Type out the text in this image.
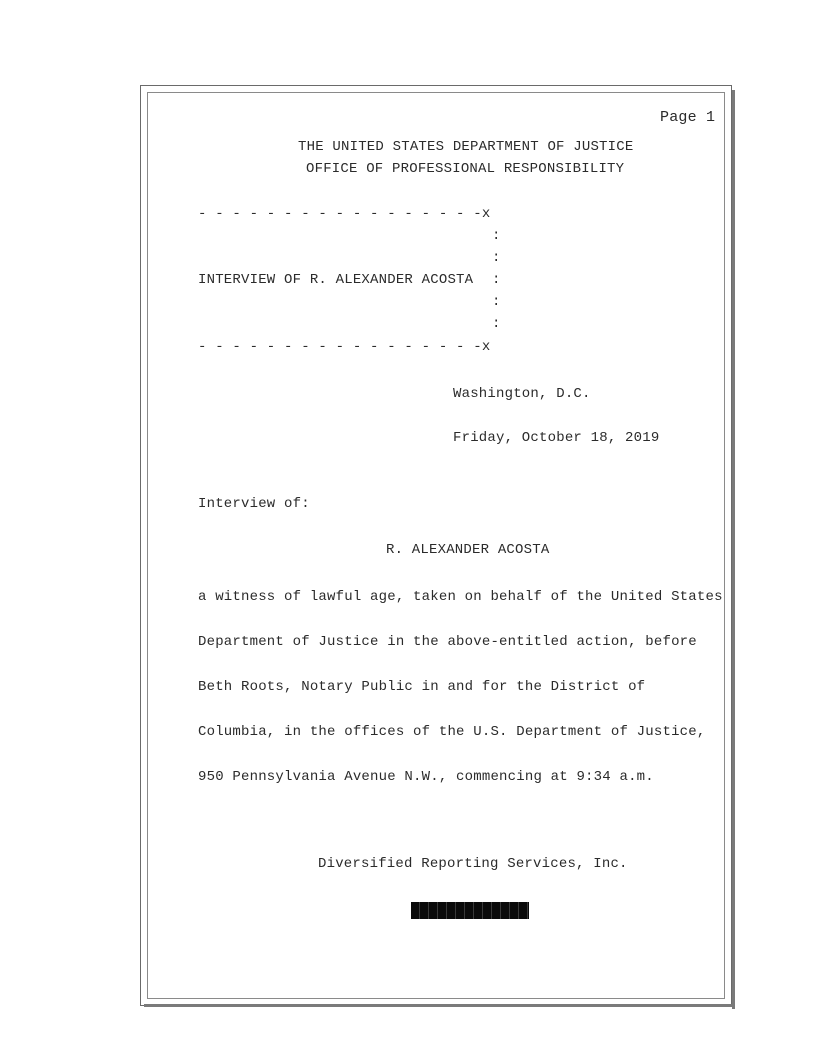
Page 1
THE UNITED STATES DEPARTMENT OF JUSTICE
OFFICE OF PROFESSIONAL RESPONSIBILITY
- - - - - - - - - - - - - - - - -x
:
:
INTERVIEW OF R. ALEXANDER ACOSTA :
:
:
- - - - - - - - - - - - - - - - -x
Washington, D.C.
Friday, October 18, 2019
Interview of:
R. ALEXANDER ACOSTA
a witness of lawful age, taken on behalf of the United States
Department of Justice in the above-entitled action, before
Beth Roots, Notary Public in and for the District of
Columbia, in the offices of the U.S. Department of Justice,
950 Pennsylvania Avenue N.W., commencing at 9:34 a.m.
Diversified Reporting Services, Inc.
